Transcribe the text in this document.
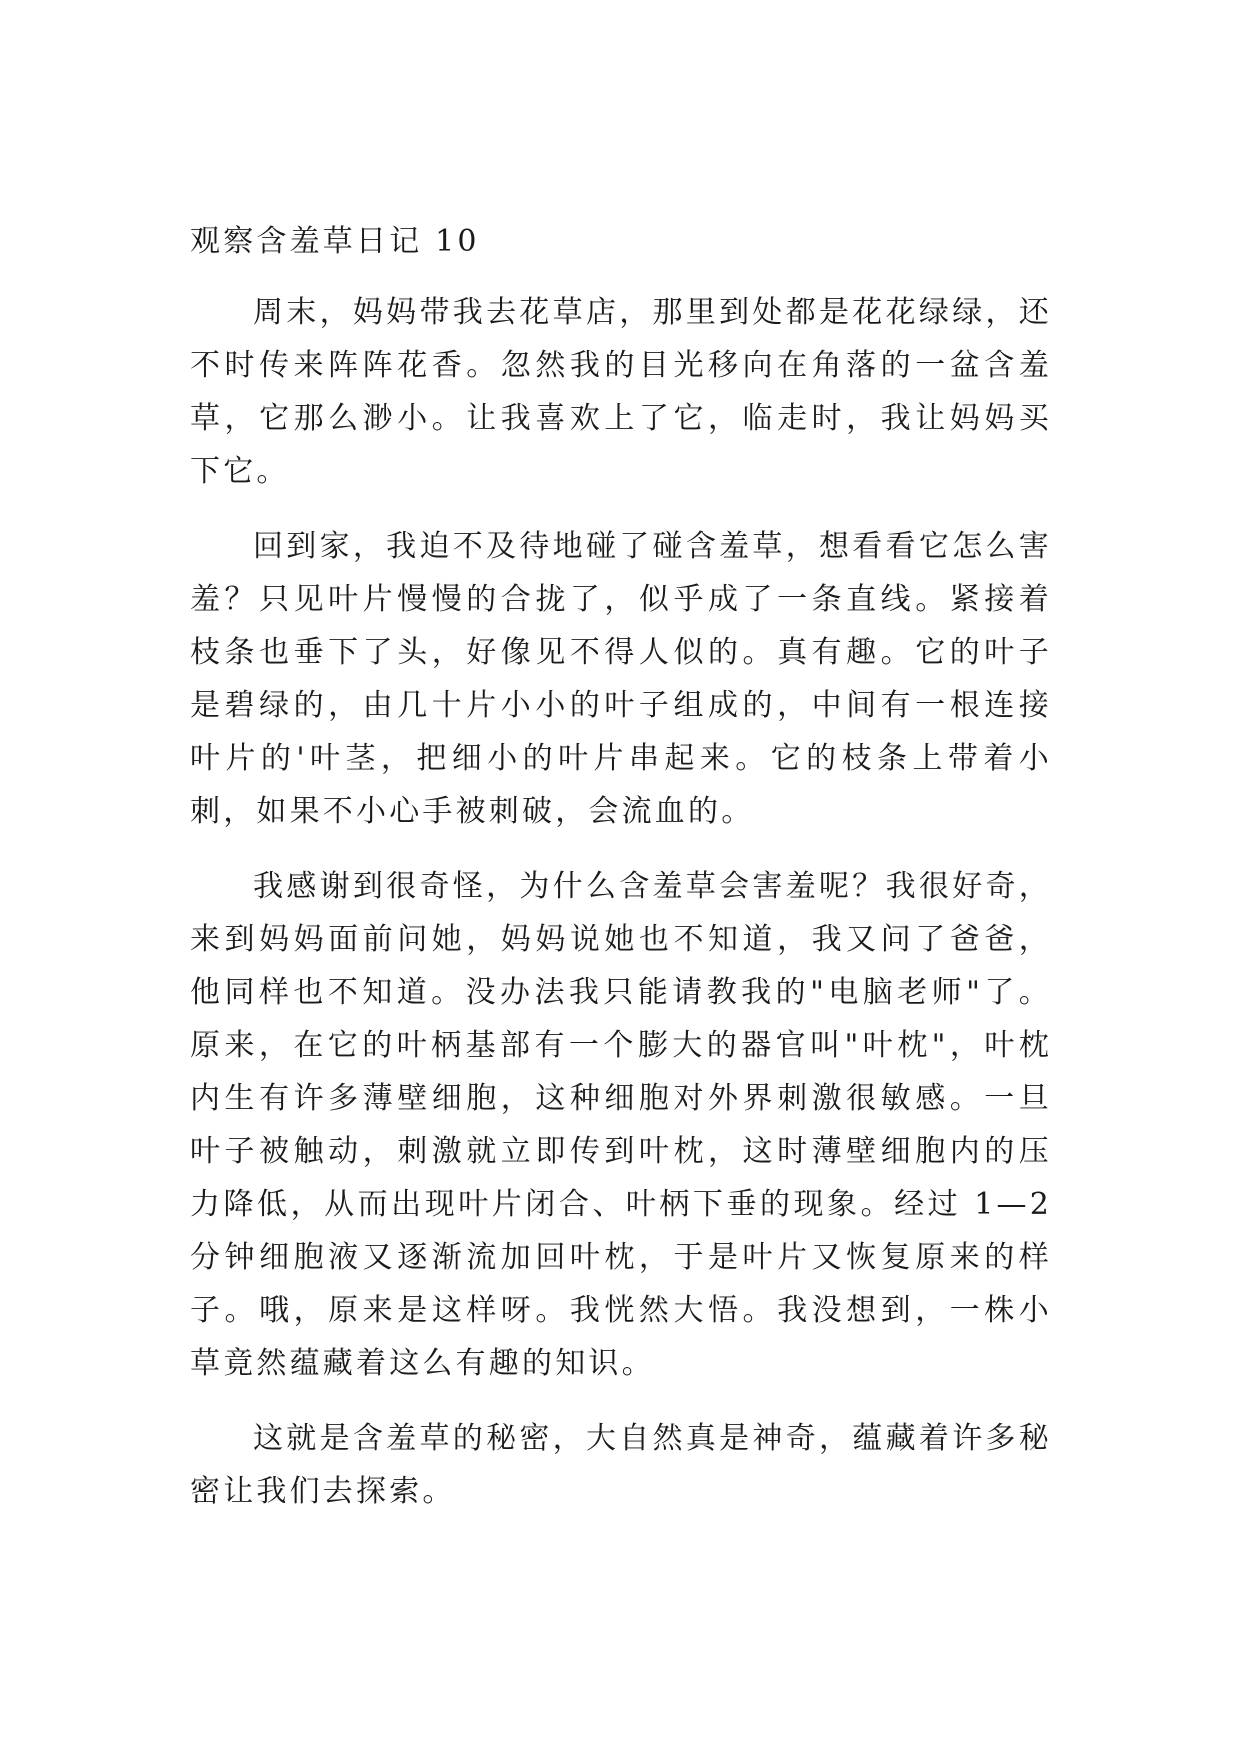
观察含羞草日记 10

周末，妈妈带我去花草店，那里到处都是花花绿绿，还不时传来阵阵花香。忽然我的目光移向在角落的一盆含羞草，它那么渺小。让我喜欢上了它，临走时，我让妈妈买下它。

回到家，我迫不及待地碰了碰含羞草，想看看它怎么害羞？只见叶片慢慢的合拢了，似乎成了一条直线。紧接着枝条也垂下了头，好像见不得人似的。真有趣。它的叶子是碧绿的，由几十片小小的叶子组成的，中间有一根连接叶片的'叶茎，把细小的叶片串起来。它的枝条上带着小刺，如果不小心手被刺破，会流血的。

我感谢到很奇怪，为什么含羞草会害羞呢？我很好奇，来到妈妈面前问她，妈妈说她也不知道，我又问了爸爸，他同样也不知道。没办法我只能请教我的"电脑老师"了。原来，在它的叶柄基部有一个膨大的器官叫"叶枕"，叶枕内生有许多薄壁细胞，这种细胞对外界刺激很敏感。一旦叶子被触动，刺激就立即传到叶枕，这时薄壁细胞内的压力降低，从而出现叶片闭合、叶柄下垂的现象。经过 1—2 分钟细胞液又逐渐流加回叶枕，于是叶片又恢复原来的样子。哦，原来是这样呀。我恍然大悟。我没想到，一株小草竟然蕴藏着这么有趣的知识。

这就是含羞草的秘密，大自然真是神奇，蕴藏着许多秘密让我们去探索。
